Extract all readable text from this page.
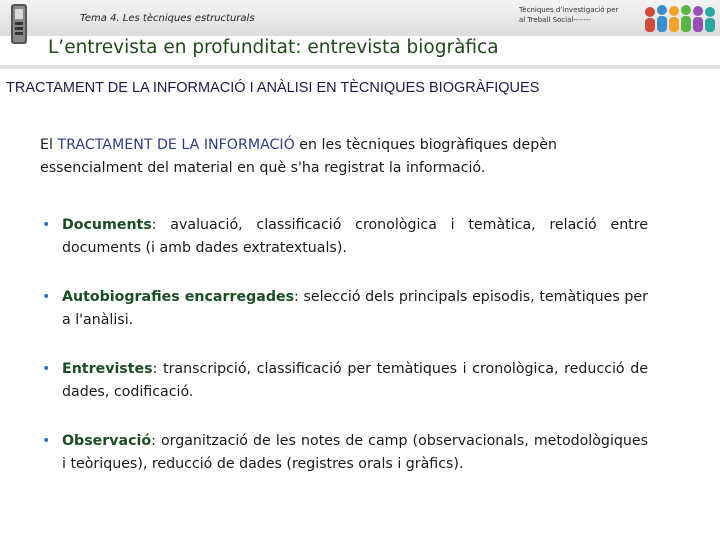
Tema 4. Les tècniques estructurals
Tècniques d’investigació per
al Treball Social-------
L’entrevista en profunditat: entrevista biogràfica
TRACTAMENT DE LA INFORMACIÓ I ANÀLISI EN TÈCNIQUES BIOGRÀFIQUES

El TRACTAMENT DE LA INFORMACIÓ en les tècniques biogràfiques depèn essencialment del material en què s'ha registrat la informació.

• Documents: avaluació, classificació cronològica i temàtica, relació entre documents (i amb dades extratextuals).
• Autobiografies encarregades: selecció dels principals episodis, temàtiques per a l'anàlisi.
• Entrevistes: transcripció, classificació per temàtiques i cronològica, reducció de dades, codificació.
• Observació: organització de les notes de camp (observacionals, metodològiques i teòriques), reducció de dades (registres orals i gràfics).
